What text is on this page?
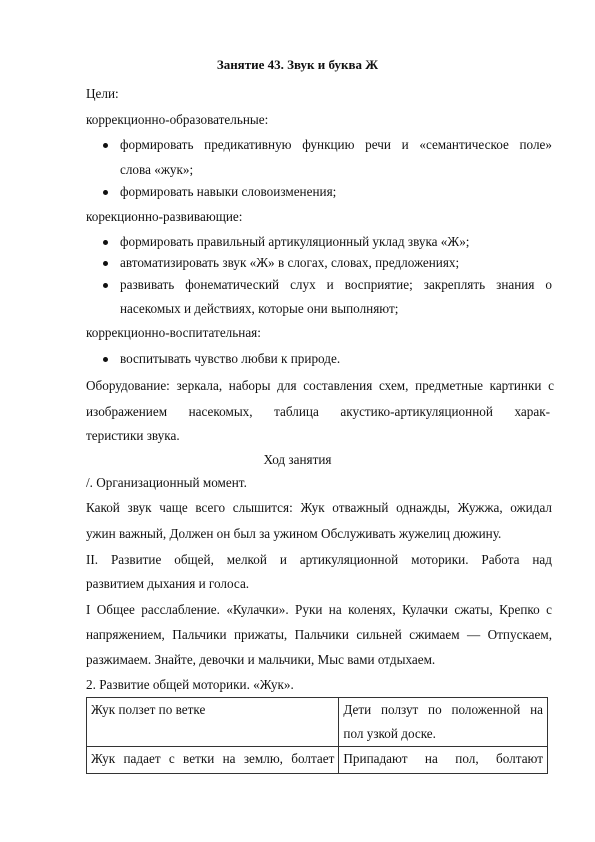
Занятие 43. Звук и буква Ж
Цели:
коррекционно-образовательные:
формировать предикативную функцию речи и «семантическое поле»
слова «жук»;
формировать навыки словоизменения;
корекционно-развивающие:
формировать правильный артикуляционный уклад звука «Ж»;
автоматизировать звук «Ж» в слогах, словах, предложениях;
развивать фонематический слух и восприятие; закреплять знания о
насекомых и действиях, которые они выполняют;
коррекционно-воспитательная:
воспитывать чувство любви к природе.
Оборудование: зеркала, наборы для составления схем, предметные картинки с
изображением насекомых, таблица акустико-артикуляционной харак-
теристики звука.
Ход занятия
/. Организационный момент.
Какой звук чаще всего слышится: Жук отважный однажды, Жужжа, ожидал
ужин важный, Должен он был за ужином Обслуживать жужелиц дюжину.
II. Развитие общей, мелкой и артикуляционной моторики. Работа над
развитием дыхания и голоса.
I Общее расслабление. «Кулачки». Руки на коленях, Кулачки сжаты, Крепко с
напряжением, Пальчики прижаты, Пальчики сильней сжимаем — Отпускаем,
разжимаем. Знайте, девочки и мальчики, Мыс вами отдыхаем.
2. Развитие общей моторики. «Жук».
Жук ползет по ветке	Дети ползут по положенной на
пол узкой доске.

Жук падает с ветки на землю, болтает	Припадают на пол, болтают
